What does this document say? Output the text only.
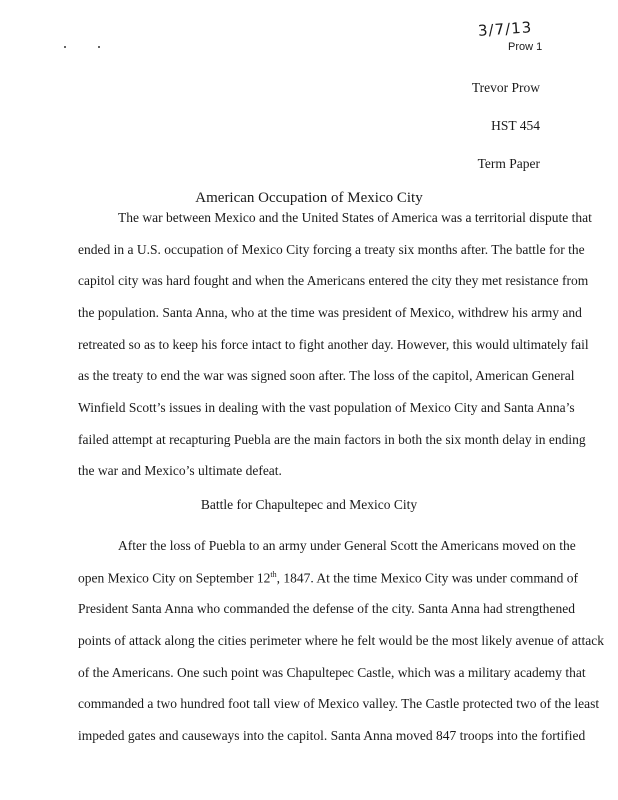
3/7/13
Prow 1
Trevor Prow
HST 454
Term Paper
American Occupation of Mexico City
The war between Mexico and the United States of America was a territorial dispute that
ended in a U.S. occupation of Mexico City forcing a treaty six months after. The battle for the
capitol city was hard fought and when the Americans entered the city they met resistance from
the population. Santa Anna, who at the time was president of Mexico, withdrew his army and
retreated so as to keep his force intact to fight another day. However, this would ultimately fail
as the treaty to end the war was signed soon after. The loss of the capitol, American General
Winfield Scott’s issues in dealing with the vast population of Mexico City and Santa Anna’s
failed attempt at recapturing Puebla are the main factors in both the six month delay in ending
the war and Mexico’s ultimate defeat.
Battle for Chapultepec and Mexico City
After the loss of Puebla to an army under General Scott the Americans moved on the
open Mexico City on September 12th, 1847. At the time Mexico City was under command of
President Santa Anna who commanded the defense of the city. Santa Anna had strengthened
points of attack along the cities perimeter where he felt would be the most likely avenue of attack
of the Americans. One such point was Chapultepec Castle, which was a military academy that
commanded a two hundred foot tall view of Mexico valley. The Castle protected two of the least
impeded gates and causeways into the capitol. Santa Anna moved 847 troops into the fortified
